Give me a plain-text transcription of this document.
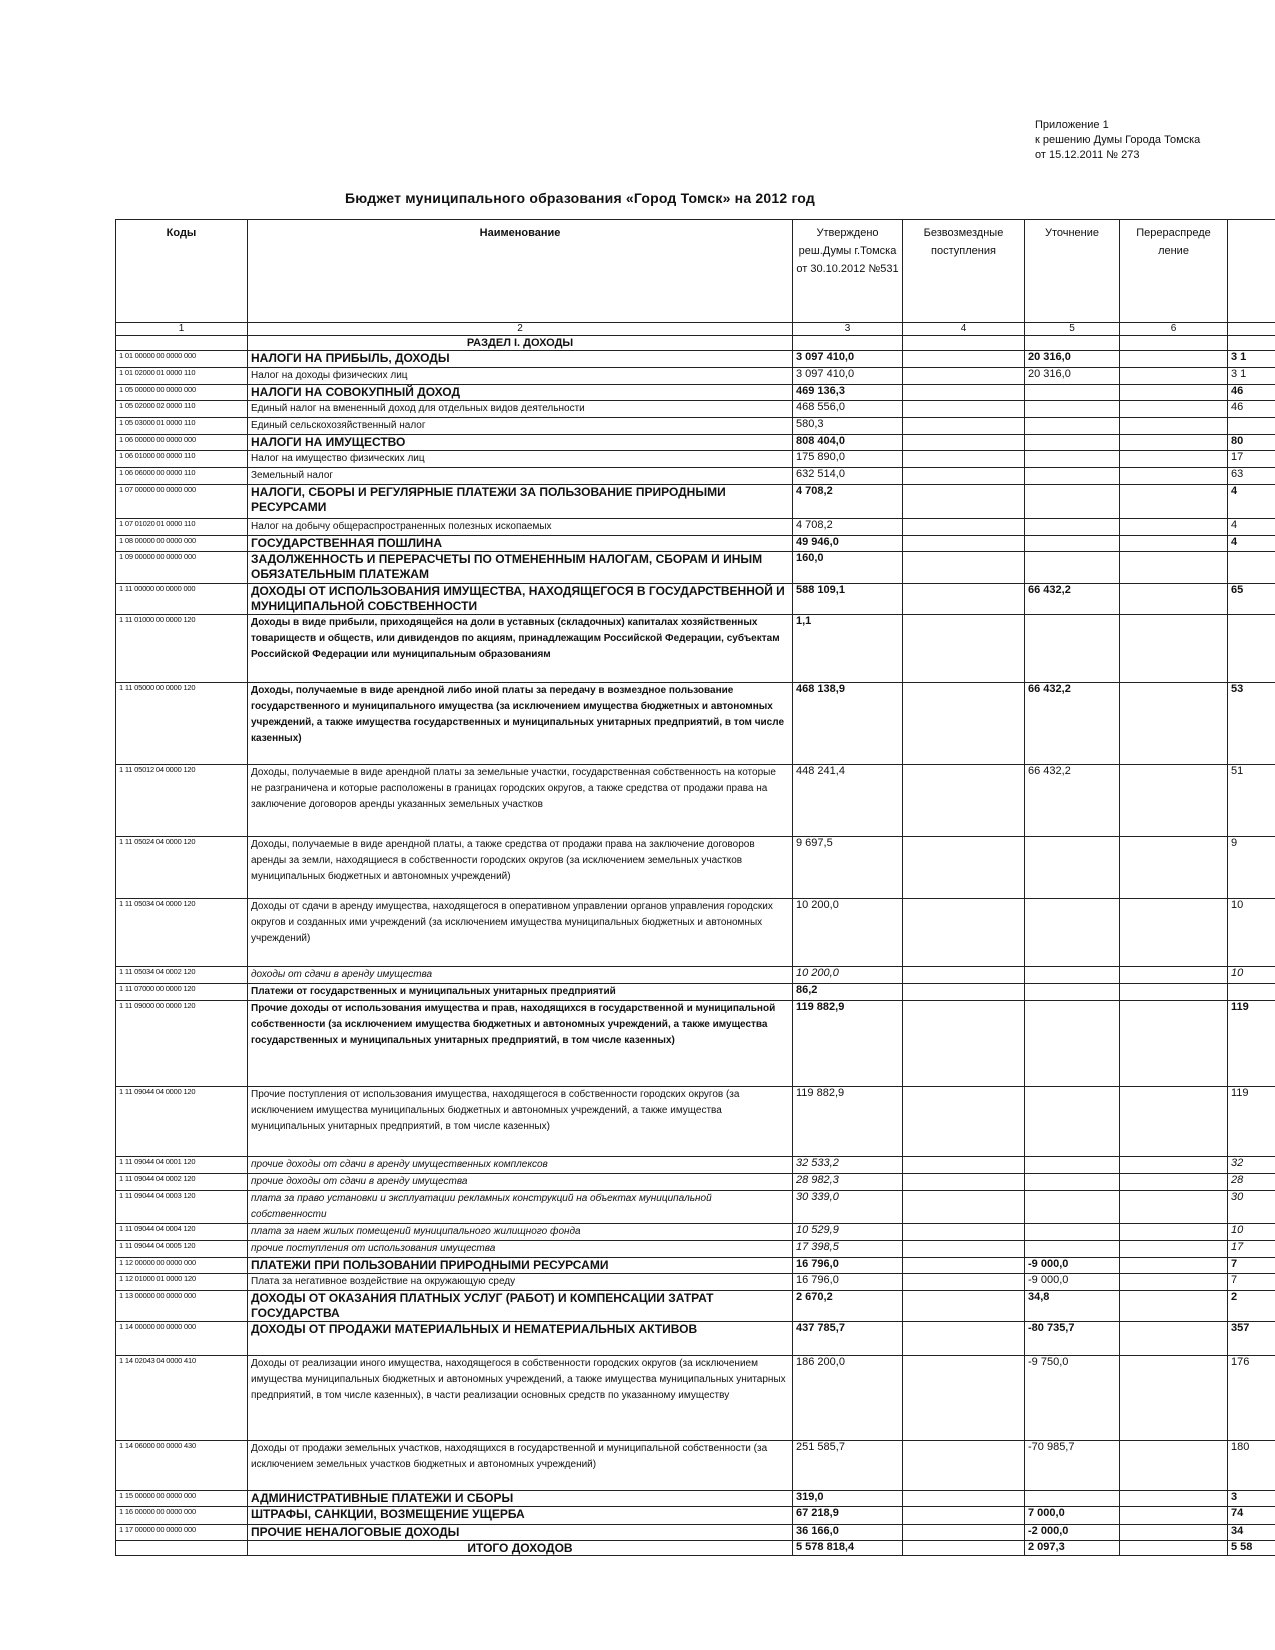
Приложение 1
к решению Думы Города Томска
от 15.12.2011 № 273
Бюджет муниципального образования «Город Томск» на 2012 год
Коды	Наименование	Утверждено реш.Думы г.Томска от 30.10.2012 №531	Безвозмездные поступления	Уточнение	Перераспреде ление	
1	2	3	4	5	6	
	РАЗДЕЛ I. ДОХОДЫ					
1 01 00000 00 0000 000	НАЛОГИ НА ПРИБЫЛЬ, ДОХОДЫ	3 097 410,0		20 316,0		3 1
1 01 02000 01 0000 110	Налог на доходы физических лиц	3 097 410,0		20 316,0		3 1
1 05 00000 00 0000 000	НАЛОГИ НА СОВОКУПНЫЙ ДОХОД	469 136,3				46
1 05 02000 02 0000 110	Единый налог на вмененный доход для отдельных видов деятельности	468 556,0				46
1 05 03000 01 0000 110	Единый сельскохозяйственный налог	580,3				
1 06 00000 00 0000 000	НАЛОГИ НА ИМУЩЕСТВО	808 404,0				80
1 06 01000 00 0000 110	Налог на имущество физических лиц	175 890,0				17
1 06 06000 00 0000 110	Земельный налог	632 514,0				63
1 07 00000 00 0000 000	НАЛОГИ, СБОРЫ И РЕГУЛЯРНЫЕ ПЛАТЕЖИ ЗА ПОЛЬЗОВАНИЕ ПРИРОДНЫМИ РЕСУРСАМИ	4 708,2				4
1 07 01020 01 0000 110	Налог на добычу общераспространенных полезных ископаемых	4 708,2				4
1 08 00000 00 0000 000	ГОСУДАРСТВЕННАЯ ПОШЛИНА	49 946,0				4
1 09 00000 00 0000 000	ЗАДОЛЖЕННОСТЬ И ПЕРЕРАСЧЕТЫ ПО ОТМЕНЕННЫМ НАЛОГАМ, СБОРАМ И ИНЫМ ОБЯЗАТЕЛЬНЫМ ПЛАТЕЖАМ	160,0				
1 11 00000 00 0000 000	ДОХОДЫ ОТ ИСПОЛЬЗОВАНИЯ ИМУЩЕСТВА, НАХОДЯЩЕГОСЯ В ГОСУДАРСТВЕННОЙ И МУНИЦИПАЛЬНОЙ СОБСТВЕННОСТИ	588 109,1		66 432,2		65
1 11 01000 00 0000 120	Доходы в виде прибыли, приходящейся на доли в уставных (складочных) капиталах хозяйственных товариществ и обществ, или дивидендов по акциям, принадлежащим Российской Федерации, субъектам Российской Федерации или муниципальным образованиям	1,1				
1 11 05000 00 0000 120	Доходы, получаемые в виде арендной либо иной платы за передачу в возмездное пользование государственного и муниципального имущества (за исключением имущества бюджетных и автономных учреждений, а также имущества государственных и муниципальных унитарных предприятий, в том числе казенных)	468 138,9		66 432,2		53
1 11 05012 04 0000 120	Доходы, получаемые в виде арендной платы за земельные участки, государственная собственность на которые не разграничена и которые расположены в границах городских округов, а также средства от продажи права на заключение договоров аренды указанных земельных участков	448 241,4		66 432,2		51
1 11 05024 04 0000 120	Доходы, получаемые в виде арендной платы, а также средства от продажи права на заключение договоров аренды за земли, находящиеся в собственности городских округов (за исключением земельных участков муниципальных бюджетных и автономных учреждений)	9 697,5				9
1 11 05034 04 0000 120	Доходы от сдачи в аренду имущества, находящегося в оперативном управлении органов управления городских округов и созданных ими учреждений (за исключением имущества муниципальных бюджетных и автономных учреждений)	10 200,0				10
1 11 05034 04 0002 120	доходы от сдачи в аренду имущества	10 200,0				10
1 11 07000 00 0000 120	Платежи от государственных и муниципальных унитарных предприятий	86,2				
1 11 09000 00 0000 120	Прочие доходы от использования имущества и прав, находящихся в государственной и муниципальной собственности (за исключением имущества бюджетных и автономных учреждений, а также имущества государственных и муниципальных унитарных предприятий, в том числе казенных)	119 882,9				119
1 11 09044 04 0000 120	Прочие поступления от использования имущества, находящегося в собственности городских округов (за исключением имущества муниципальных бюджетных и автономных учреждений, а также имущества муниципальных унитарных предприятий, в том числе казенных)	119 882,9				119
1 11 09044 04 0001 120	прочие доходы от сдачи в аренду имущественных комплексов	32 533,2				32
1 11 09044 04 0002 120	прочие доходы от сдачи в аренду имущества	28 982,3				28
1 11 09044 04 0003 120	плата за право установки и эксплуатации рекламных конструкций на объектах муниципальной собственности	30 339,0				30
1 11 09044 04 0004 120	плата за наем жилых помещений муниципального жилищного фонда	10 529,9				10
1 11 09044 04 0005 120	прочие поступления от использования имущества	17 398,5				17
1 12 00000 00 0000 000	ПЛАТЕЖИ ПРИ ПОЛЬЗОВАНИИ ПРИРОДНЫМИ РЕСУРСАМИ	16 796,0		-9 000,0		7
1 12 01000 01 0000 120	Плата за негативное воздействие на окружающую среду	16 796,0		-9 000,0		7
1 13 00000 00 0000 000	ДОХОДЫ ОТ ОКАЗАНИЯ ПЛАТНЫХ УСЛУГ (РАБОТ) И КОМПЕНСАЦИИ ЗАТРАТ ГОСУДАРСТВА	2 670,2		34,8		2
1 14 00000 00 0000 000	ДОХОДЫ ОТ ПРОДАЖИ МАТЕРИАЛЬНЫХ И НЕМАТЕРИАЛЬНЫХ АКТИВОВ	437 785,7		-80 735,7		357
1 14 02043 04 0000 410	Доходы от реализации иного имущества, находящегося в собственности городских округов (за исключением имущества муниципальных бюджетных и автономных учреждений, а также имущества муниципальных унитарных предприятий, в том числе казенных), в части реализации основных средств по указанному имуществу	186 200,0		-9 750,0		176
1 14 06000 00 0000 430	Доходы от продажи земельных участков, находящихся в государственной и муниципальной собственности (за исключением земельных участков бюджетных и автономных учреждений)	251 585,7		-70 985,7		180
1 15 00000 00 0000 000	АДМИНИСТРАТИВНЫЕ ПЛАТЕЖИ И СБОРЫ	319,0				3
1 16 00000 00 0000 000	ШТРАФЫ, САНКЦИИ, ВОЗМЕЩЕНИЕ УЩЕРБА	67 218,9		7 000,0		74
1 17 00000 00 0000 000	ПРОЧИЕ НЕНАЛОГОВЫЕ ДОХОДЫ	36 166,0		-2 000,0		34
	ИТОГО ДОХОДОВ	5 578 818,4		2 097,3		5 58
